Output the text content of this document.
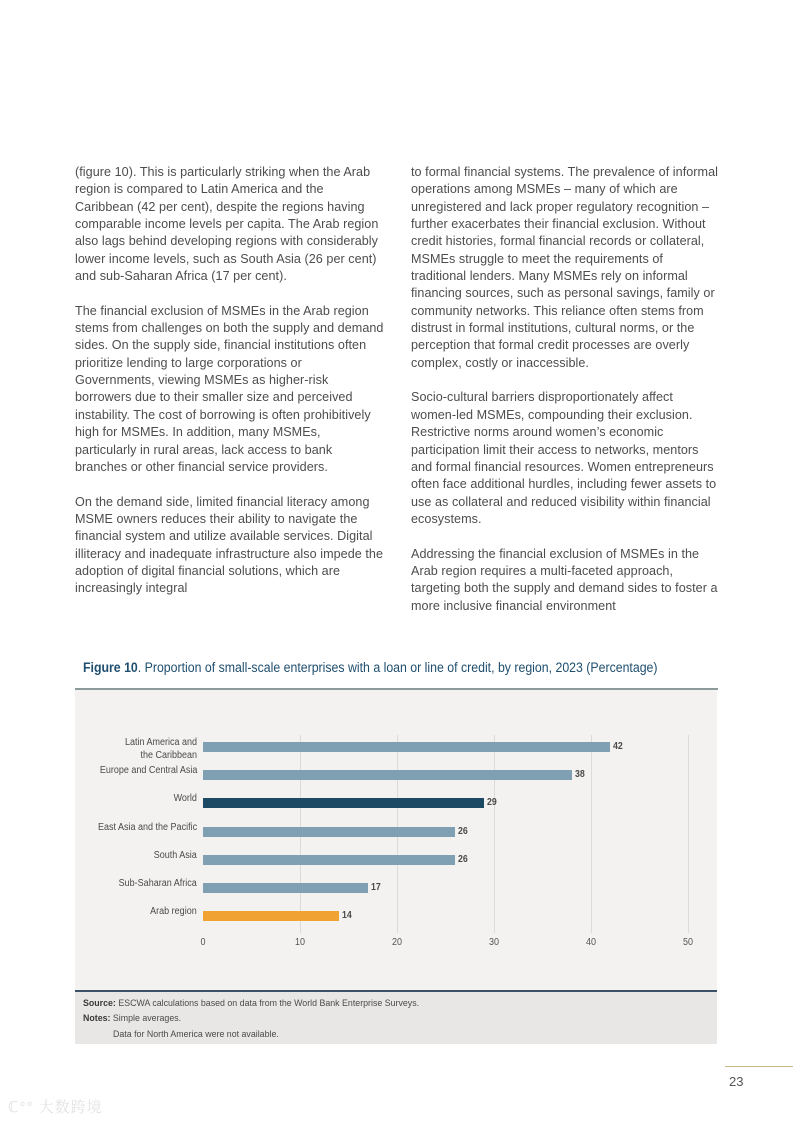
(figure 10). This is particularly striking when the Arab region is compared to Latin America and the Caribbean (42 per cent), despite the regions having comparable income levels per capita. The Arab region also lags behind developing regions with considerably lower income levels, such as South Asia (26 per cent) and sub-Saharan Africa (17 per cent).

The financial exclusion of MSMEs in the Arab region stems from challenges on both the supply and demand sides. On the supply side, financial institutions often prioritize lending to large corporations or Governments, viewing MSMEs as higher-risk borrowers due to their smaller size and perceived instability. The cost of borrowing is often prohibitively high for MSMEs. In addition, many MSMEs, particularly in rural areas, lack access to bank branches or other financial service providers.

On the demand side, limited financial literacy among MSME owners reduces their ability to navigate the financial system and utilize available services. Digital illiteracy and inadequate infrastructure also impede the adoption of digital financial solutions, which are increasingly integral

to formal financial systems. The prevalence of informal operations among MSMEs – many of which are unregistered and lack proper regulatory recognition – further exacerbates their financial exclusion. Without credit histories, formal financial records or collateral, MSMEs struggle to meet the requirements of traditional lenders. Many MSMEs rely on informal financing sources, such as personal savings, family or community networks. This reliance often stems from distrust in formal institutions, cultural norms, or the perception that formal credit processes are overly complex, costly or inaccessible.

Socio-cultural barriers disproportionately affect women-led MSMEs, compounding their exclusion. Restrictive norms around women’s economic participation limit their access to networks, mentors and formal financial resources. Women entrepreneurs often face additional hurdles, including fewer assets to use as collateral and reduced visibility within financial ecosystems.

Addressing the financial exclusion of MSMEs in the Arab region requires a multi-faceted approach, targeting both the supply and demand sides to foster a more inclusive financial environment

Figure 10. Proportion of small-scale enterprises with a loan or line of credit, by region, 2023 (Percentage)
0	10	20	30	40	50
Latin America and
the Caribbean
42
Europe and Central Asia	38
World	29
East Asia and the Pacific	26
South Asia	26
Sub-Saharan Africa	17
Arab region	14
Source: ESCWA calculations based on data from the World Bank Enterprise Surveys.
Notes: Simple averages.
Data for North America were not available.
23
ℂ°° 大数跨境
